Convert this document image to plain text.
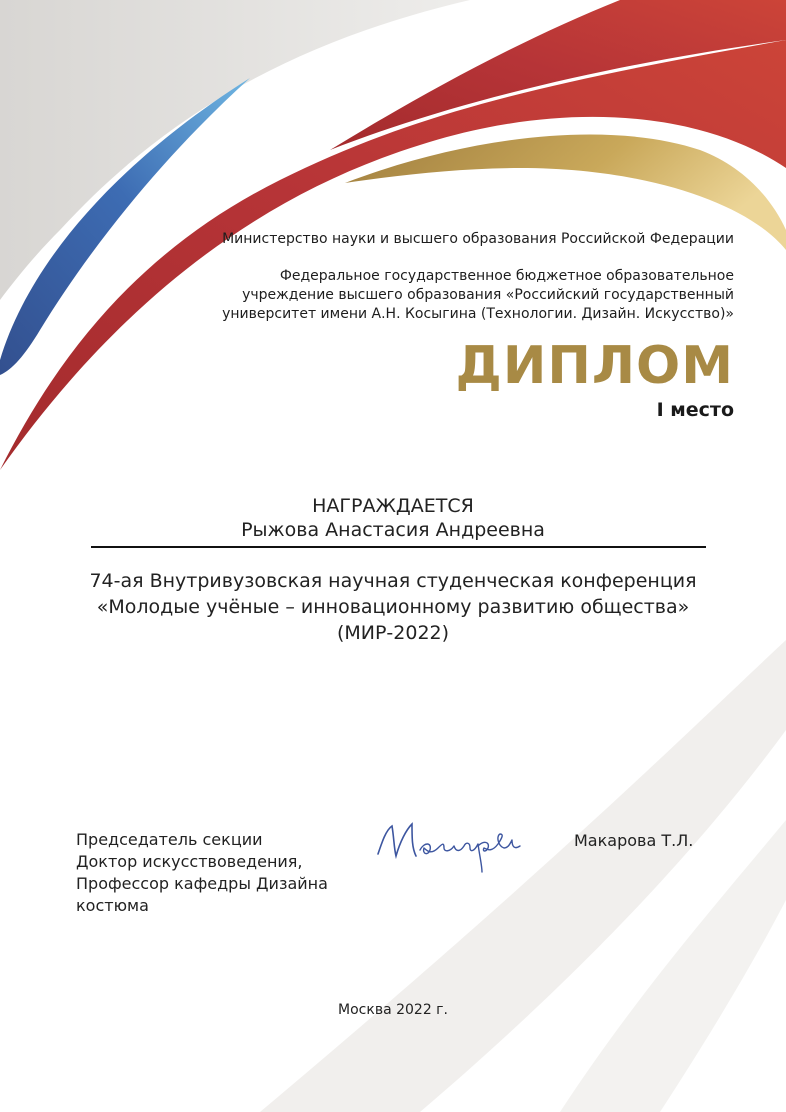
Министерство науки и высшего образования Российской Федерации
Федеральное государственное бюджетное образовательное
учреждение высшего образования «Российский государственный
университет имени А.Н. Косыгина (Технологии. Дизайн. Искусство)»
ДИПЛОМ
I место
НАГРАЖДАЕТСЯ
Рыжова Анастасия Андреевна
74-ая Внутривузовская научная студенческая конференция
«Молодые учёные – инновационному развитию общества»
(МИР-2022)
Председатель секции
Доктор искусствоведения,
Профессор кафедры Дизайна
костюма
Макарова Т.Л.
Москва 2022 г.
